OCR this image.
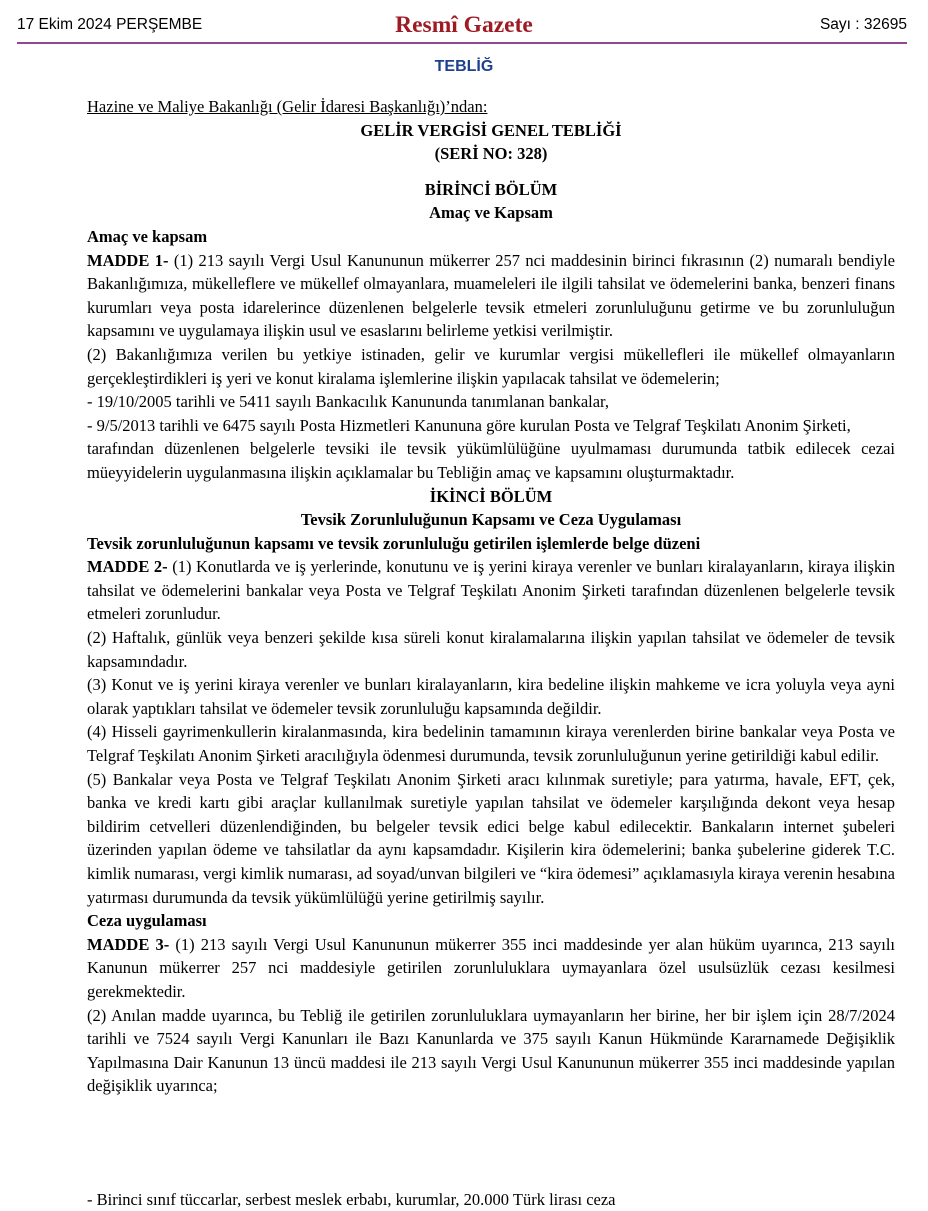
17 Ekim 2024 PERŞEMBE	Resmî Gazete	Sayı : 32695
TEBLİĞ

Hazine ve Maliye Bakanlığı (Gelir İdaresi Başkanlığı)’ndan:

GELİR VERGİSİ GENEL TEBLİĞİ

(SERİ NO: 328)

BİRİNCİ BÖLÜM

Amaç ve Kapsam

Amaç ve kapsam

MADDE 1- (1) 213 sayılı Vergi Usul Kanununun mükerrer 257 nci maddesinin birinci fıkrasının (2) numaralı bendiyle Bakanlığımıza, mükelleflere ve mükellef olmayanlara, muameleleri ile ilgili tahsilat ve ödemelerini banka, benzeri finans kurumları veya posta idarelerince düzenlenen belgelerle tevsik etmeleri zorunluluğunu getirme ve bu zorunluluğun kapsamını ve uygulamaya ilişkin usul ve esaslarını belirleme yetkisi verilmiştir.

(2) Bakanlığımıza verilen bu yetkiye istinaden, gelir ve kurumlar vergisi mükellefleri ile mükellef olmayanların gerçekleştirdikleri iş yeri ve konut kiralama işlemlerine ilişkin yapılacak tahsilat ve ödemelerin;

- 19/10/2005 tarihli ve 5411 sayılı Bankacılık Kanununda tanımlanan bankalar,

- 9/5/2013 tarihli ve 6475 sayılı Posta Hizmetleri Kanununa göre kurulan Posta ve Telgraf Teşkilatı Anonim Şirketi,

tarafından düzenlenen belgelerle tevsiki ile tevsik yükümlülüğüne uyulmaması durumunda tatbik edilecek cezai müeyyidelerin uygulanmasına ilişkin açıklamalar bu Tebliğin amaç ve kapsamını oluşturmaktadır.

İKİNCİ BÖLÜM

Tevsik Zorunluluğunun Kapsamı ve Ceza Uygulaması

Tevsik zorunluluğunun kapsamı ve tevsik zorunluluğu getirilen işlemlerde belge düzeni

MADDE 2- (1) Konutlarda ve iş yerlerinde, konutunu ve iş yerini kiraya verenler ve bunları kiralayanların, kiraya ilişkin tahsilat ve ödemelerini bankalar veya Posta ve Telgraf Teşkilatı Anonim Şirketi tarafından düzenlenen belgelerle tevsik etmeleri zorunludur.

(2) Haftalık, günlük veya benzeri şekilde kısa süreli konut kiralamalarına ilişkin yapılan tahsilat ve ödemeler de tevsik kapsamındadır.

(3) Konut ve iş yerini kiraya verenler ve bunları kiralayanların, kira bedeline ilişkin mahkeme ve icra yoluyla veya ayni olarak yaptıkları tahsilat ve ödemeler tevsik zorunluluğu kapsamında değildir.

(4) Hisseli gayrimenkullerin kiralanmasında, kira bedelinin tamamının kiraya verenlerden birine bankalar veya Posta ve Telgraf Teşkilatı Anonim Şirketi aracılığıyla ödenmesi durumunda, tevsik zorunluluğunun yerine getirildiği kabul edilir.

(5) Bankalar veya Posta ve Telgraf Teşkilatı Anonim Şirketi aracı kılınmak suretiyle; para yatırma, havale, EFT, çek, banka ve kredi kartı gibi araçlar kullanılmak suretiyle yapılan tahsilat ve ödemeler karşılığında dekont veya hesap bildirim cetvelleri düzenlendiğinden, bu belgeler tevsik edici belge kabul edilecektir. Bankaların internet şubeleri üzerinden yapılan ödeme ve tahsilatlar da aynı kapsamdadır. Kişilerin kira ödemelerini; banka şubelerine giderek T.C. kimlik numarası, vergi kimlik numarası, ad soyad/unvan bilgileri ve “kira ödemesi” açıklamasıyla kiraya verenin hesabına yatırması durumunda da tevsik yükümlülüğü yerine getirilmiş sayılır.

Ceza uygulaması

MADDE 3- (1) 213 sayılı Vergi Usul Kanununun mükerrer 355 inci maddesinde yer alan hüküm uyarınca, 213 sayılı Kanunun mükerrer 257 nci maddesiyle getirilen zorunluluklara uymayanlara özel usulsüzlük cezası kesilmesi gerekmektedir.

(2) Anılan madde uyarınca, bu Tebliğ ile getirilen zorunluluklara uymayanların her birine, her bir işlem için 28/7/2024 tarihli ve 7524 sayılı Vergi Kanunları ile Bazı Kanunlarda ve 375 sayılı Kanun Hükmünde Kararnamede Değişiklik Yapılmasına Dair Kanunun 13 üncü maddesi ile 213 sayılı Vergi Usul Kanununun mükerrer 355 inci maddesinde yapılan değişiklik uyarınca;

- Birinci sınıf tüccarlar, serbest meslek erbabı, kurumlar, 20.000 Türk lirası ceza
